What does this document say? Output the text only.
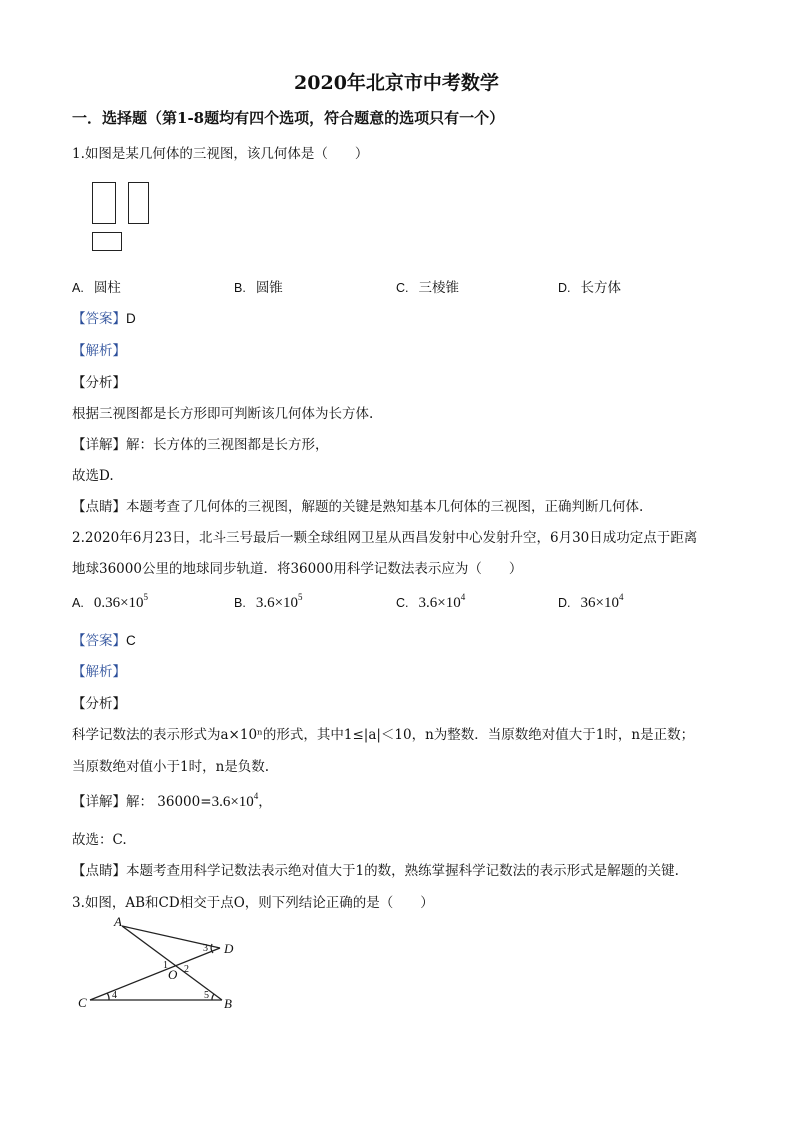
2020年北京市中考数学
一．选择题（第1-8题均有四个选项，符合题意的选项只有一个）
1.如图是某几何体的三视图，该几何体是（　　）
A. 圆柱	B. 圆锥	C. 三棱锥	D. 长方体
【答案】D
【解析】
【分析】
根据三视图都是长方形即可判断该几何体为长方体.
【详解】解：长方体的三视图都是长方形，
故选D.
【点睛】本题考查了几何体的三视图，解题的关键是熟知基本几何体的三视图，正确判断几何体.
2.2020年6月23日，北斗三号最后一颗全球组网卫星从西昌发射中心发射升空，6月30日成功定点于距离
地球36000公里的地球同步轨道．将36000用科学记数法表示应为（　　）
A. $0.36\times 10^5$	B. $3.6\times 10^5$	C. $3.6\times 10^4$	D. $36\times 10^4$
【答案】C
【解析】
【分析】
科学记数法的表示形式为a×10ⁿ的形式，其中1≤|a|＜10，n为整数．当原数绝对值大于1时，n是正数；
当原数绝对值小于1时，n是负数.
【详解】解： $36000=3.6\times 10^4$，
故选：C.
【点睛】本题考查用科学记数法表示绝对值大于1的数，熟练掌握科学记数法的表示形式是解题的关键.
3.如图，AB和CD相交于点O，则下列结论正确的是（　　）
A
D
O
C	B
1 2
3
4	5
